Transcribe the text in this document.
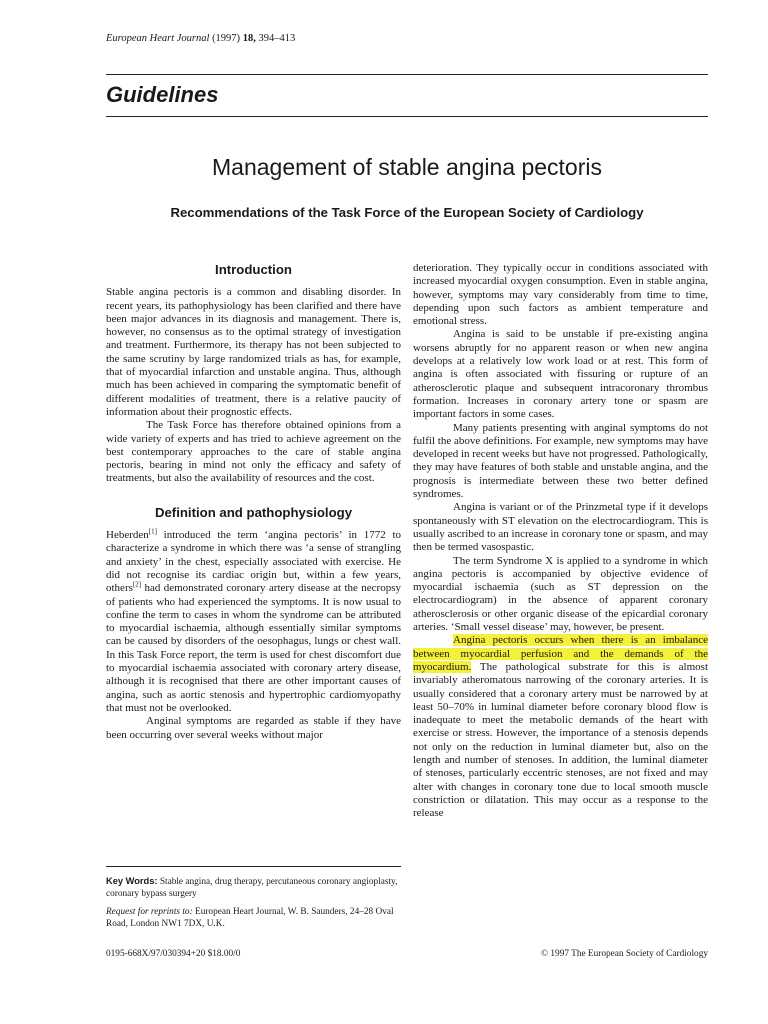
European Heart Journal (1997) 18, 394–413
Guidelines
Management of stable angina pectoris
Recommendations of the Task Force of the European Society of Cardiology
Introduction

Stable angina pectoris is a common and disabling disorder. In recent years, its pathophysiology has been clarified and there have been major advances in its diagnosis and management. There is, however, no consensus as to the optimal strategy of investigation and treatment. Furthermore, its therapy has not been subjected to the same scrutiny by large randomized trials as has, for example, that of myocardial infarction and unstable angina. Thus, although much has been achieved in comparing the symptomatic benefit of different modalities of treatment, there is a relative paucity of information about their prognostic effects.

The Task Force has therefore obtained opinions from a wide variety of experts and has tried to achieve agreement on the best contemporary approaches to the care of stable angina pectoris, bearing in mind not only the efficacy and safety of treatments, but also the availability of resources and the cost.

Definition and pathophysiology

Heberden[1] introduced the term ‘angina pectoris’ in 1772 to characterize a syndrome in which there was ‘a sense of strangling and anxiety’ in the chest, especially associated with exercise. He did not recognise its cardiac origin but, within a few years, others[2] had demonstrated coronary artery disease at the necropsy of patients who had experienced the symptoms. It is now usual to confine the term to cases in whom the syndrome can be attributed to myocardial ischaemia, although essentially similar symptoms can be caused by disorders of the oesophagus, lungs or chest wall. In this Task Force report, the term is used for chest discomfort due to myocardial ischaemia associated with coronary artery disease, although it is recognised that there are other important causes of angina, such as aortic stenosis and hypertrophic cardiomyopathy that must not be overlooked.

Anginal symptoms are regarded as stable if they have been occurring over several weeks without major

deterioration. They typically occur in conditions associated with increased myocardial oxygen consumption. Even in stable angina, however, symptoms may vary considerably from time to time, depending upon such factors as ambient temperature and emotional stress.

Angina is said to be unstable if pre-existing angina worsens abruptly for no apparent reason or when new angina develops at a relatively low work load or at rest. This form of angina is often associated with fissuring or rupture of an atherosclerotic plaque and subsequent intracoronary thrombus formation. Increases in coronary artery tone or spasm are important factors in some cases.

Many patients presenting with anginal symptoms do not fulfil the above definitions. For example, new symptoms may have developed in recent weeks but have not progressed. Pathologically, they may have features of both stable and unstable angina, and the prognosis is intermediate between these two better defined syndromes.

Angina is variant or of the Prinzmetal type if it develops spontaneously with ST elevation on the electrocardiogram. This is usually ascribed to an increase in coronary tone or spasm, and may then be termed vasospastic.

The term Syndrome X is applied to a syndrome in which angina pectoris is accompanied by objective evidence of myocardial ischaemia (such as ST depression on the electrocardiogram) in the absence of apparent coronary atherosclerosis or other organic disease of the epicardial coronary arteries. ‘Small vessel disease’ may, however, be present.

Angina pectoris occurs when there is an imbalance between myocardial perfusion and the demands of the myocardium. The pathological substrate for this is almost invariably atheromatous narrowing of the coronary arteries. It is usually considered that a coronary artery must be narrowed by at least 50–70% in luminal diameter before coronary blood flow is inadequate to meet the metabolic demands of the heart with exercise or stress. However, the importance of a stenosis depends not only on the reduction in luminal diameter but, also on the length and number of stenoses. In addition, the luminal diameter of stenoses, particularly eccentric stenoses, are not fixed and may alter with changes in coronary tone due to local smooth muscle constriction or dilatation. This may occur as a response to the release

Key Words: Stable angina, drug therapy, percutaneous coronary angioplasty, coronary bypass surgery

Request for reprints to: European Heart Journal, W. B. Saunders, 24–28 Oval Road, London NW1 7DX, U.K.

0195-668X/97/030394+20 $18.00/0	© 1997 The European Society of Cardiology
